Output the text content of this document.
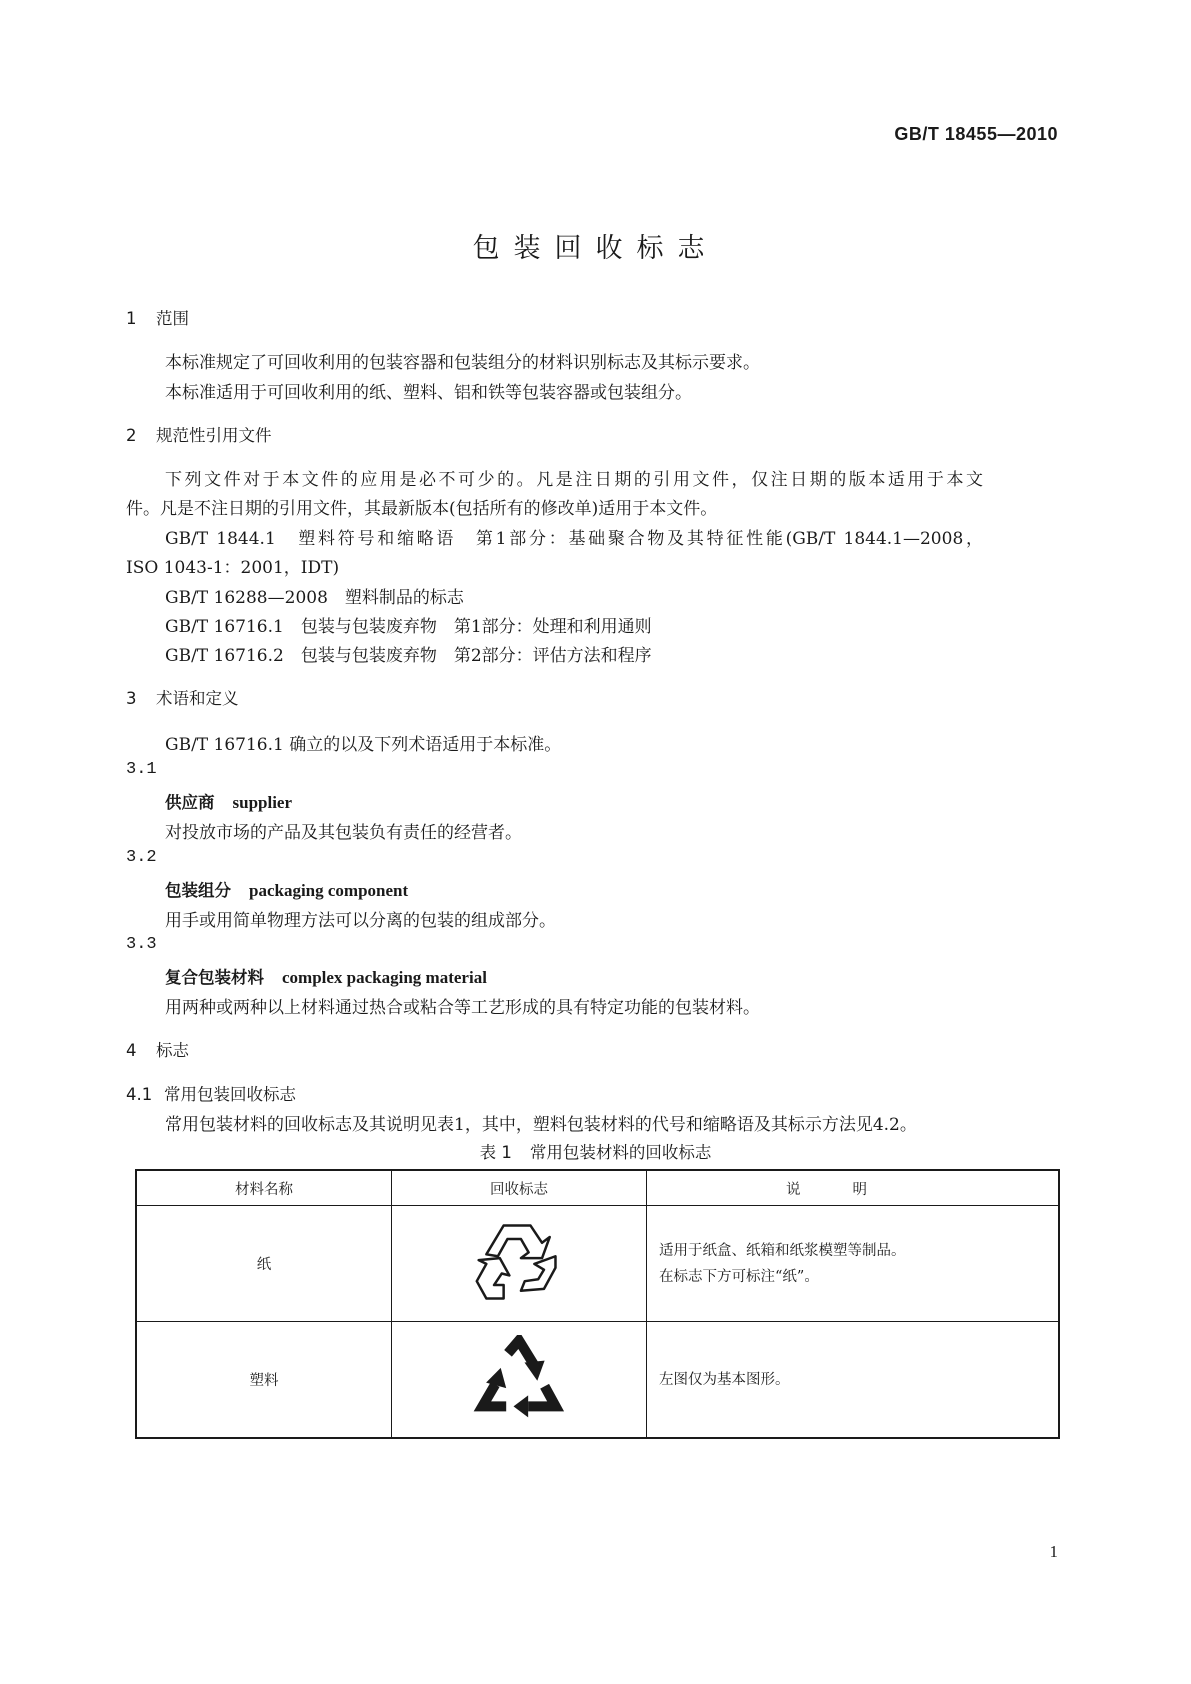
GB/T 18455—2010
包装回收标志
1 范围
本标准规定了可回收利用的包装容器和包装组分的材料识别标志及其标示要求。
本标准适用于可回收利用的纸、塑料、铝和铁等包装容器或包装组分。
2 规范性引用文件
下列文件对于本文件的应用是必不可少的。凡是注日期的引用文件，仅注日期的版本适用于本文
件。凡是不注日期的引用文件，其最新版本(包括所有的修改单)适用于本文件。
GB/T 1844.1　塑料符号和缩略语　第1部分：基础聚合物及其特征性能(GB/T 1844.1—2008，
ISO 1043-1：2001，IDT)
GB/T 16288—2008　塑料制品的标志
GB/T 16716.1　包装与包装废弃物　第1部分：处理和利用通则
GB/T 16716.2　包装与包装废弃物　第2部分：评估方法和程序
3 术语和定义
GB/T 16716.1 确立的以及下列术语适用于本标准。
3.1
供应商 supplier
对投放市场的产品及其包装负有责任的经营者。
3.2
包装组分 packaging component
用手或用简单物理方法可以分离的包装的组成部分。
3.3
复合包装材料 complex packaging material
用两种或两种以上材料通过热合或粘合等工艺形成的具有特定功能的包装材料。
4 标志
4.1 常用包装回收标志
常用包装材料的回收标志及其说明见表1，其中，塑料包装材料的代号和缩略语及其标示方法见4.2。
表 1 常用包装材料的回收标志
材料名称	回收标志	说明
纸		适用于纸盒、纸箱和纸浆模塑等制品。
在标志下方可标注“纸”。

塑料		左图仅为基本图形。
1
